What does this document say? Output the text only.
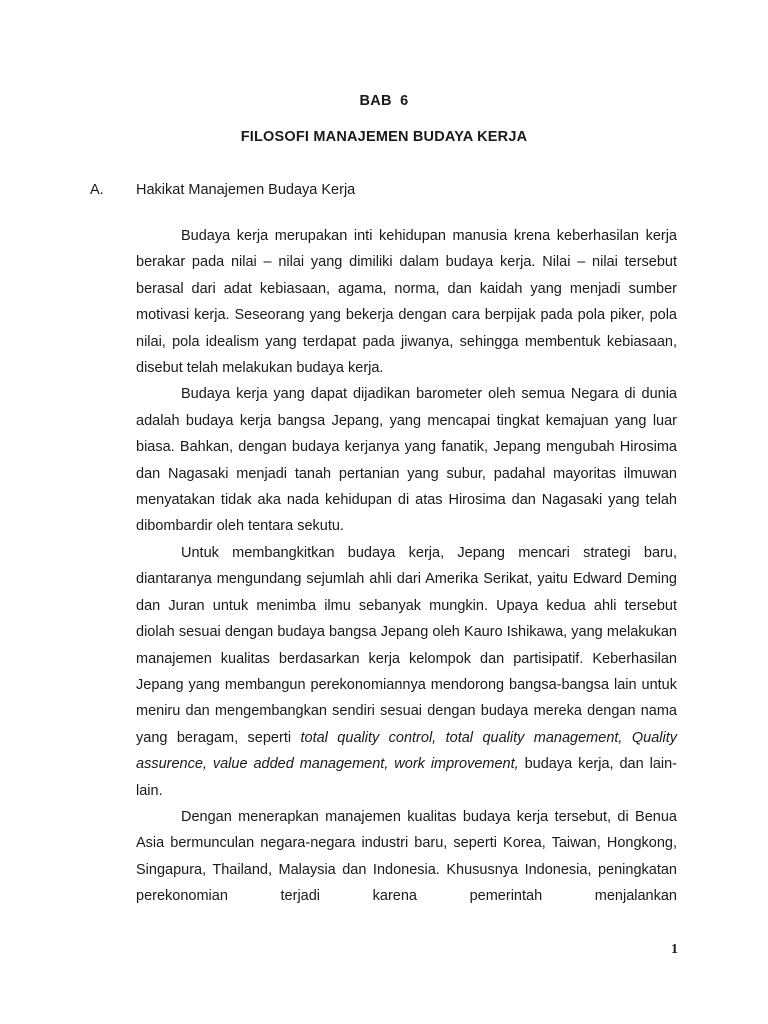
BAB 6
FILOSOFI MANAJEMEN BUDAYA KERJA
A. Hakikat Manajemen Budaya Kerja

Budaya kerja merupakan inti kehidupan manusia krena keberhasilan kerja berakar pada nilai – nilai yang dimiliki dalam budaya kerja. Nilai – nilai tersebut berasal dari adat kebiasaan, agama, norma, dan kaidah yang menjadi sumber motivasi kerja. Seseorang yang bekerja dengan cara berpijak pada pola piker, pola nilai, pola idealism yang terdapat pada jiwanya, sehingga membentuk kebiasaan, disebut telah melakukan budaya kerja.

Budaya kerja yang dapat dijadikan barometer oleh semua Negara di dunia adalah budaya kerja bangsa Jepang, yang mencapai tingkat kemajuan yang luar biasa. Bahkan, dengan budaya kerjanya yang fanatik, Jepang mengubah Hirosima dan Nagasaki menjadi tanah pertanian yang subur, padahal mayoritas ilmuwan menyatakan tidak aka nada kehidupan di atas Hirosima dan Nagasaki yang telah dibombardir oleh tentara sekutu.

Untuk membangkitkan budaya kerja, Jepang mencari strategi baru, diantaranya mengundang sejumlah ahli dari Amerika Serikat, yaitu Edward Deming dan Juran untuk menimba ilmu sebanyak mungkin. Upaya kedua ahli tersebut diolah sesuai dengan budaya bangsa Jepang oleh Kauro Ishikawa, yang melakukan manajemen kualitas berdasarkan kerja kelompok dan partisipatif. Keberhasilan Jepang yang membangun perekonomiannya mendorong bangsa-bangsa lain untuk meniru dan mengembangkan sendiri sesuai dengan budaya mereka dengan nama yang beragam, seperti total quality control, total quality management, Quality assurence, value added management, work improvement, budaya kerja, dan lain-lain.

Dengan menerapkan manajemen kualitas budaya kerja tersebut, di Benua Asia bermunculan negara-negara industri baru, seperti Korea, Taiwan, Hongkong, Singapura, Thailand, Malaysia dan Indonesia. Khususnya Indonesia, peningkatan perekonomian terjadi karena pemerintah menjalankan

1
